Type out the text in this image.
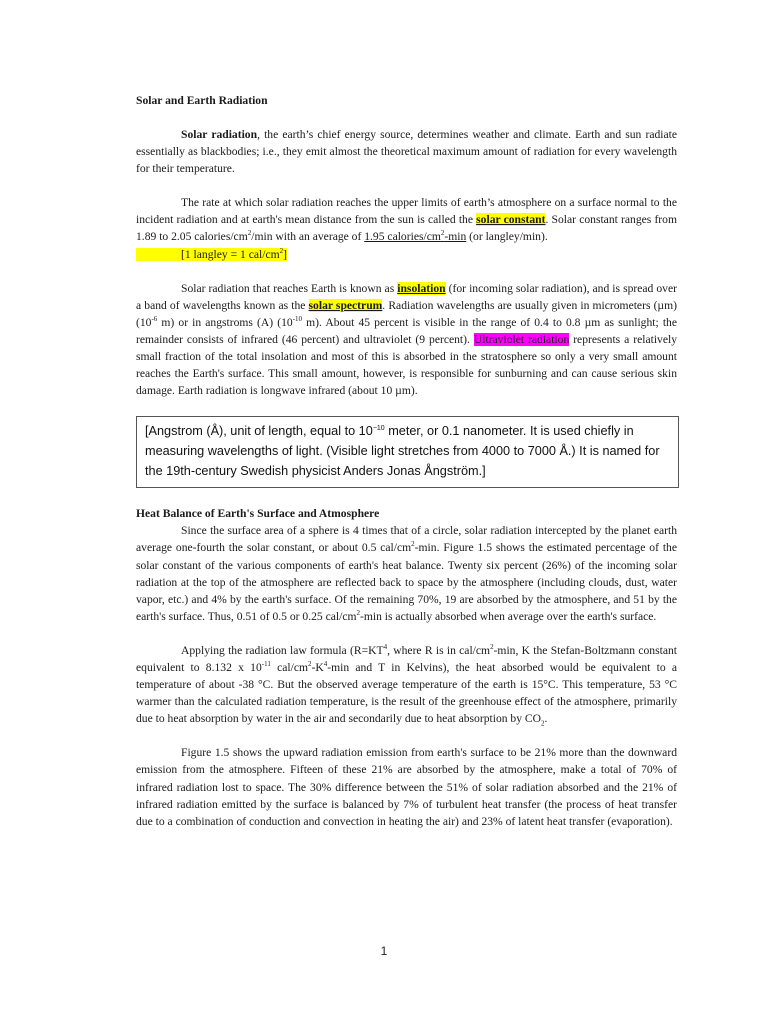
Solar and Earth Radiation

Solar radiation, the earth’s chief energy source, determines weather and climate. Earth and sun radiate essentially as blackbodies; i.e., they emit almost the theoretical maximum amount of radiation for every wavelength for their temperature.

The rate at which solar radiation reaches the upper limits of earth’s atmosphere on a surface normal to the incident radiation and at earth's mean distance from the sun is called the solar constant. Solar constant ranges from 1.89 to 2.05 calories/$cm^2/\min$ with an average of 1.95 calories/$cm^2-\min$ (or langley/min).

[1 langley = 1 cal/$cm^2$]

Solar radiation that reaches Earth is known as insolation (for incoming solar radiation), and is spread over a band of wavelengths known as the solar spectrum. Radiation wavelengths are usually given in micrometers (µm) ($10^{-6}$ m) or in angstroms (A) ($10^{-10}$ m). About 45 percent is visible in the range of 0.4 to 0.8 µm as sunlight; the remainder consists of infrared (46 percent) and ultraviolet (9 percent). Ultraviolet radiation represents a relatively small fraction of the total insolation and most of this is absorbed in the stratosphere so only a very small amount reaches the Earth's surface. This small amount, however, is responsible for sunburning and can cause serious skin damage. Earth radiation is longwave infrared (about 10 µm).

[Angstrom (Å), unit of length, equal to $10^{-10}$ meter, or 0.1 nanometer. It is used chiefly in measuring wavelengths of light. (Visible light stretches from 4000 to 7000 Å.) It is named for the 19th-century Swedish physicist Anders Jonas Ångström.]
Heat Balance of Earth's Surface and Atmosphere

Since the surface area of a sphere is 4 times that of a circle, solar radiation intercepted by the planet earth average one-fourth the solar constant, or about 0.5 cal/$cm^2-\min$. Figure 1.5 shows the estimated percentage of the solar constant of the various components of earth's heat balance. Twenty six percent (26%) of the incoming solar radiation at the top of the atmosphere are reflected back to space by the atmosphere (including clouds, dust, water vapor, etc.) and 4% by the earth's surface. Of the remaining 70%, 19 are absorbed by the atmosphere, and 51 by the earth's surface. Thus, 0.51 of 0.5 or 0.25 cal/$cm^2-\min$ is actually absorbed when average over the earth's surface.

Applying the radiation law formula ($R=KT^4$, where R is in cal/$cm^2-\min$, K the Stefan-Boltzmann constant equivalent to 8.132 x $10^{-11}$ cal/$cm^2-K^4-\min$ and T in Kelvins), the heat absorbed would be equivalent to a temperature of about -38 °C. But the observed average temperature of the earth is 15°C. This temperature, 53 °C warmer than the calculated radiation temperature, is the result of the greenhouse effect of the atmosphere, primarily due to heat absorption by water in the air and secondarily due to heat absorption by $CO_2$.

Figure 1.5 shows the upward radiation emission from earth's surface to be 21% more than the downward emission from the atmosphere. Fifteen of these 21% are absorbed by the atmosphere, make a total of 70% of infrared radiation lost to space. The 30% difference between the 51% of solar radiation absorbed and the 21% of infrared radiation emitted by the surface is balanced by 7% of turbulent heat transfer (the process of heat transfer due to a combination of conduction and convection in heating the air) and 23% of latent heat transfer (evaporation).

1
